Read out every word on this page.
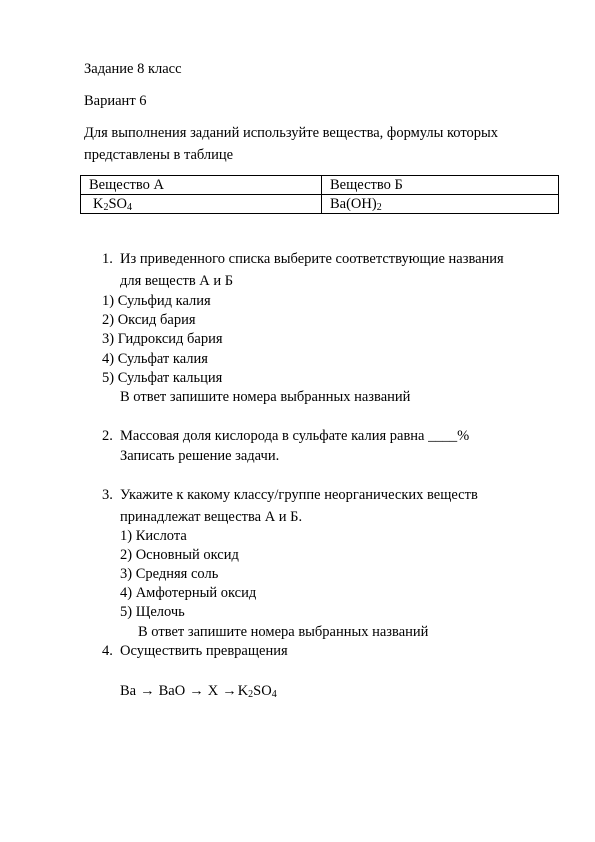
Задание 8 класс
Вариант 6
Для выполнения заданий используйте вещества, формулы которых
представлены в таблице
Вещество А	Вещество Б
$K_2SO_4$	$Ba(OH)_2$
1. Из приведенного списка выберите соответствующие названия
для веществ А и Б
1) Сульфид калия
2) Оксид бария
3) Гидроксид бария
4) Сульфат калия
5) Сульфат кальция
В ответ запишите номера выбранных названий
2. Массовая доля кислорода в сульфате калия равна ____%
Записать решение задачи.
3. Укажите к какому классу/группе неорганических веществ
принадлежат вещества А и Б.
1) Кислота
2) Основный оксид
3) Средняя соль
4) Амфотерный оксид
5) Щелочь
В ответ запишите номера выбранных названий
4. Осуществить превращения
Ba → BaO → $X \to K_2SO_4$
